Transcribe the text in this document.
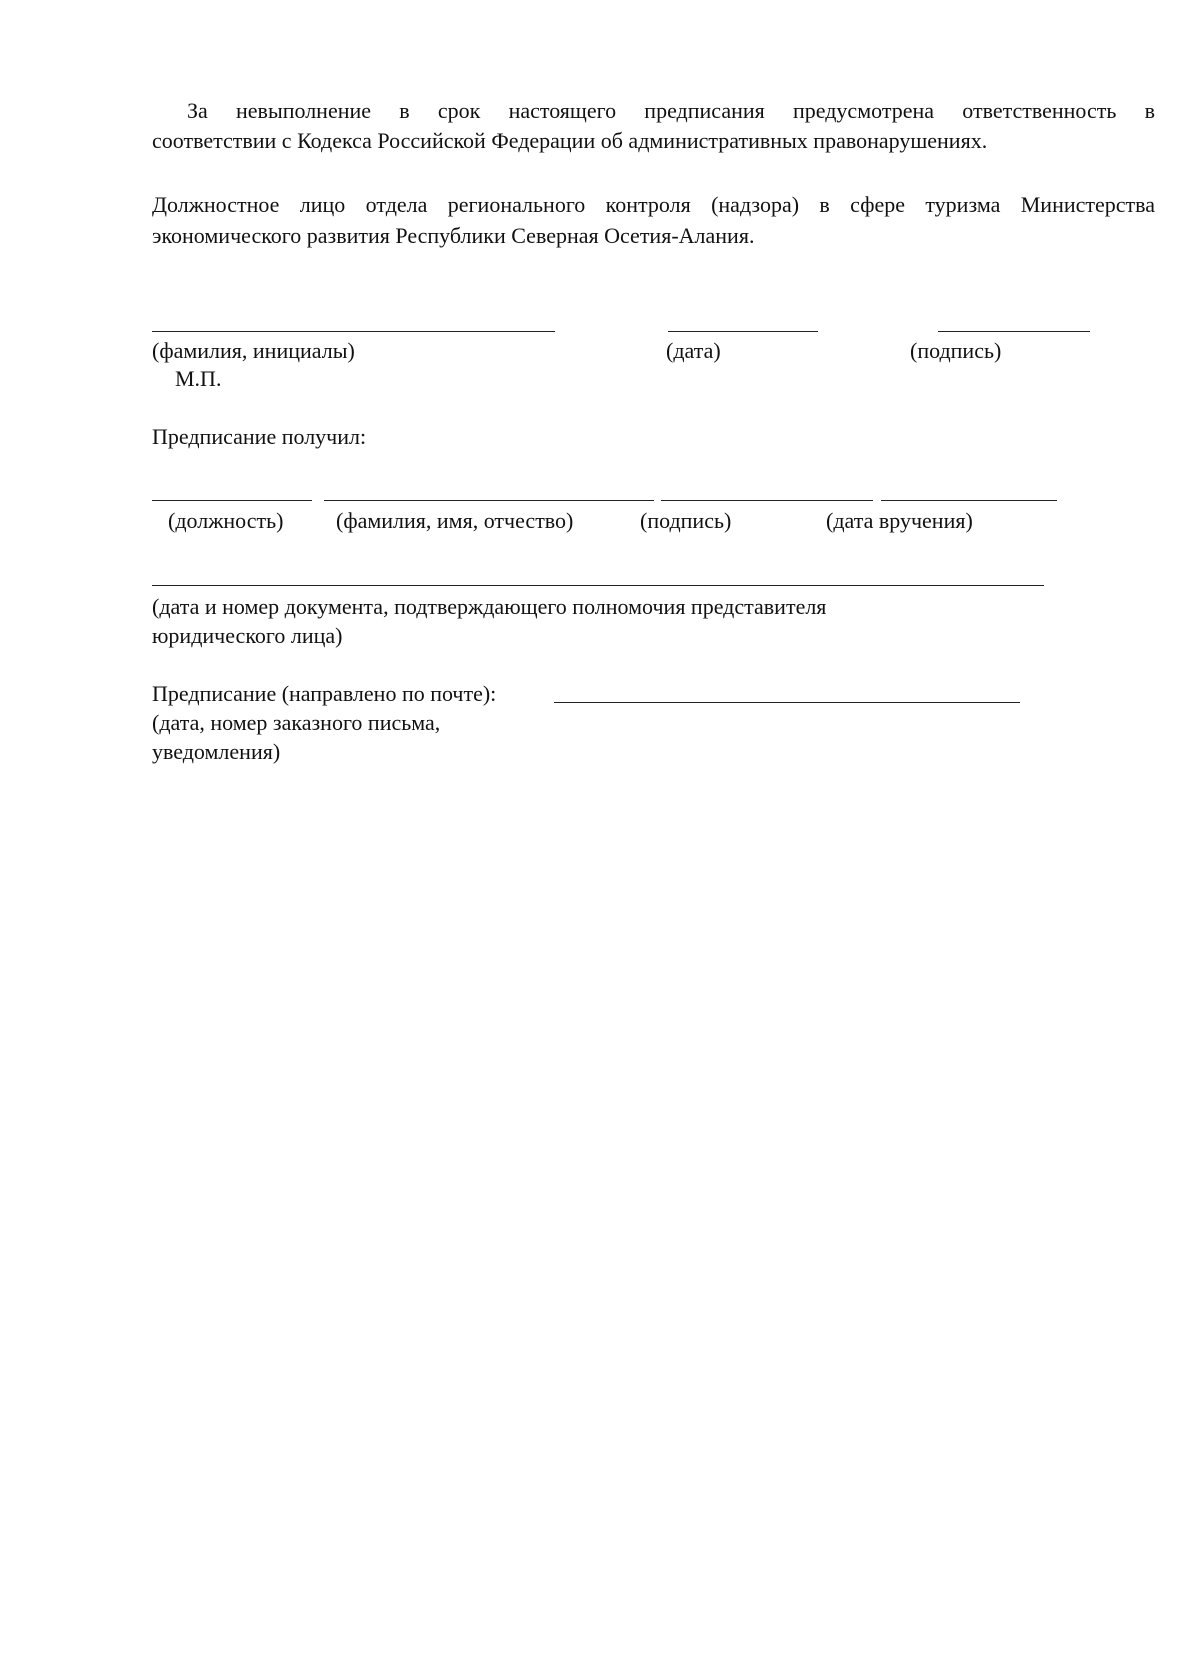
За невыполнение в срок настоящего предписания предусмотрена ответственность в
соответствии с Кодекса Российской Федерации об административных правонарушениях.
Должностное лицо отдела регионального контроля (надзора) в сфере туризма Министерства
экономического развития Республики Северная Осетия-Алания.
(фамилия, инициалы)	(дата)	(подпись)
М.П.
Предписание получил:
(должность) (фамилия, имя, отчество)	(подпись)	(дата вручения)
(дата и номер документа, подтверждающего полномочия представителя
юридического лица)
Предписание (направлено по почте):
(дата, номер заказного письма,
уведомления)
